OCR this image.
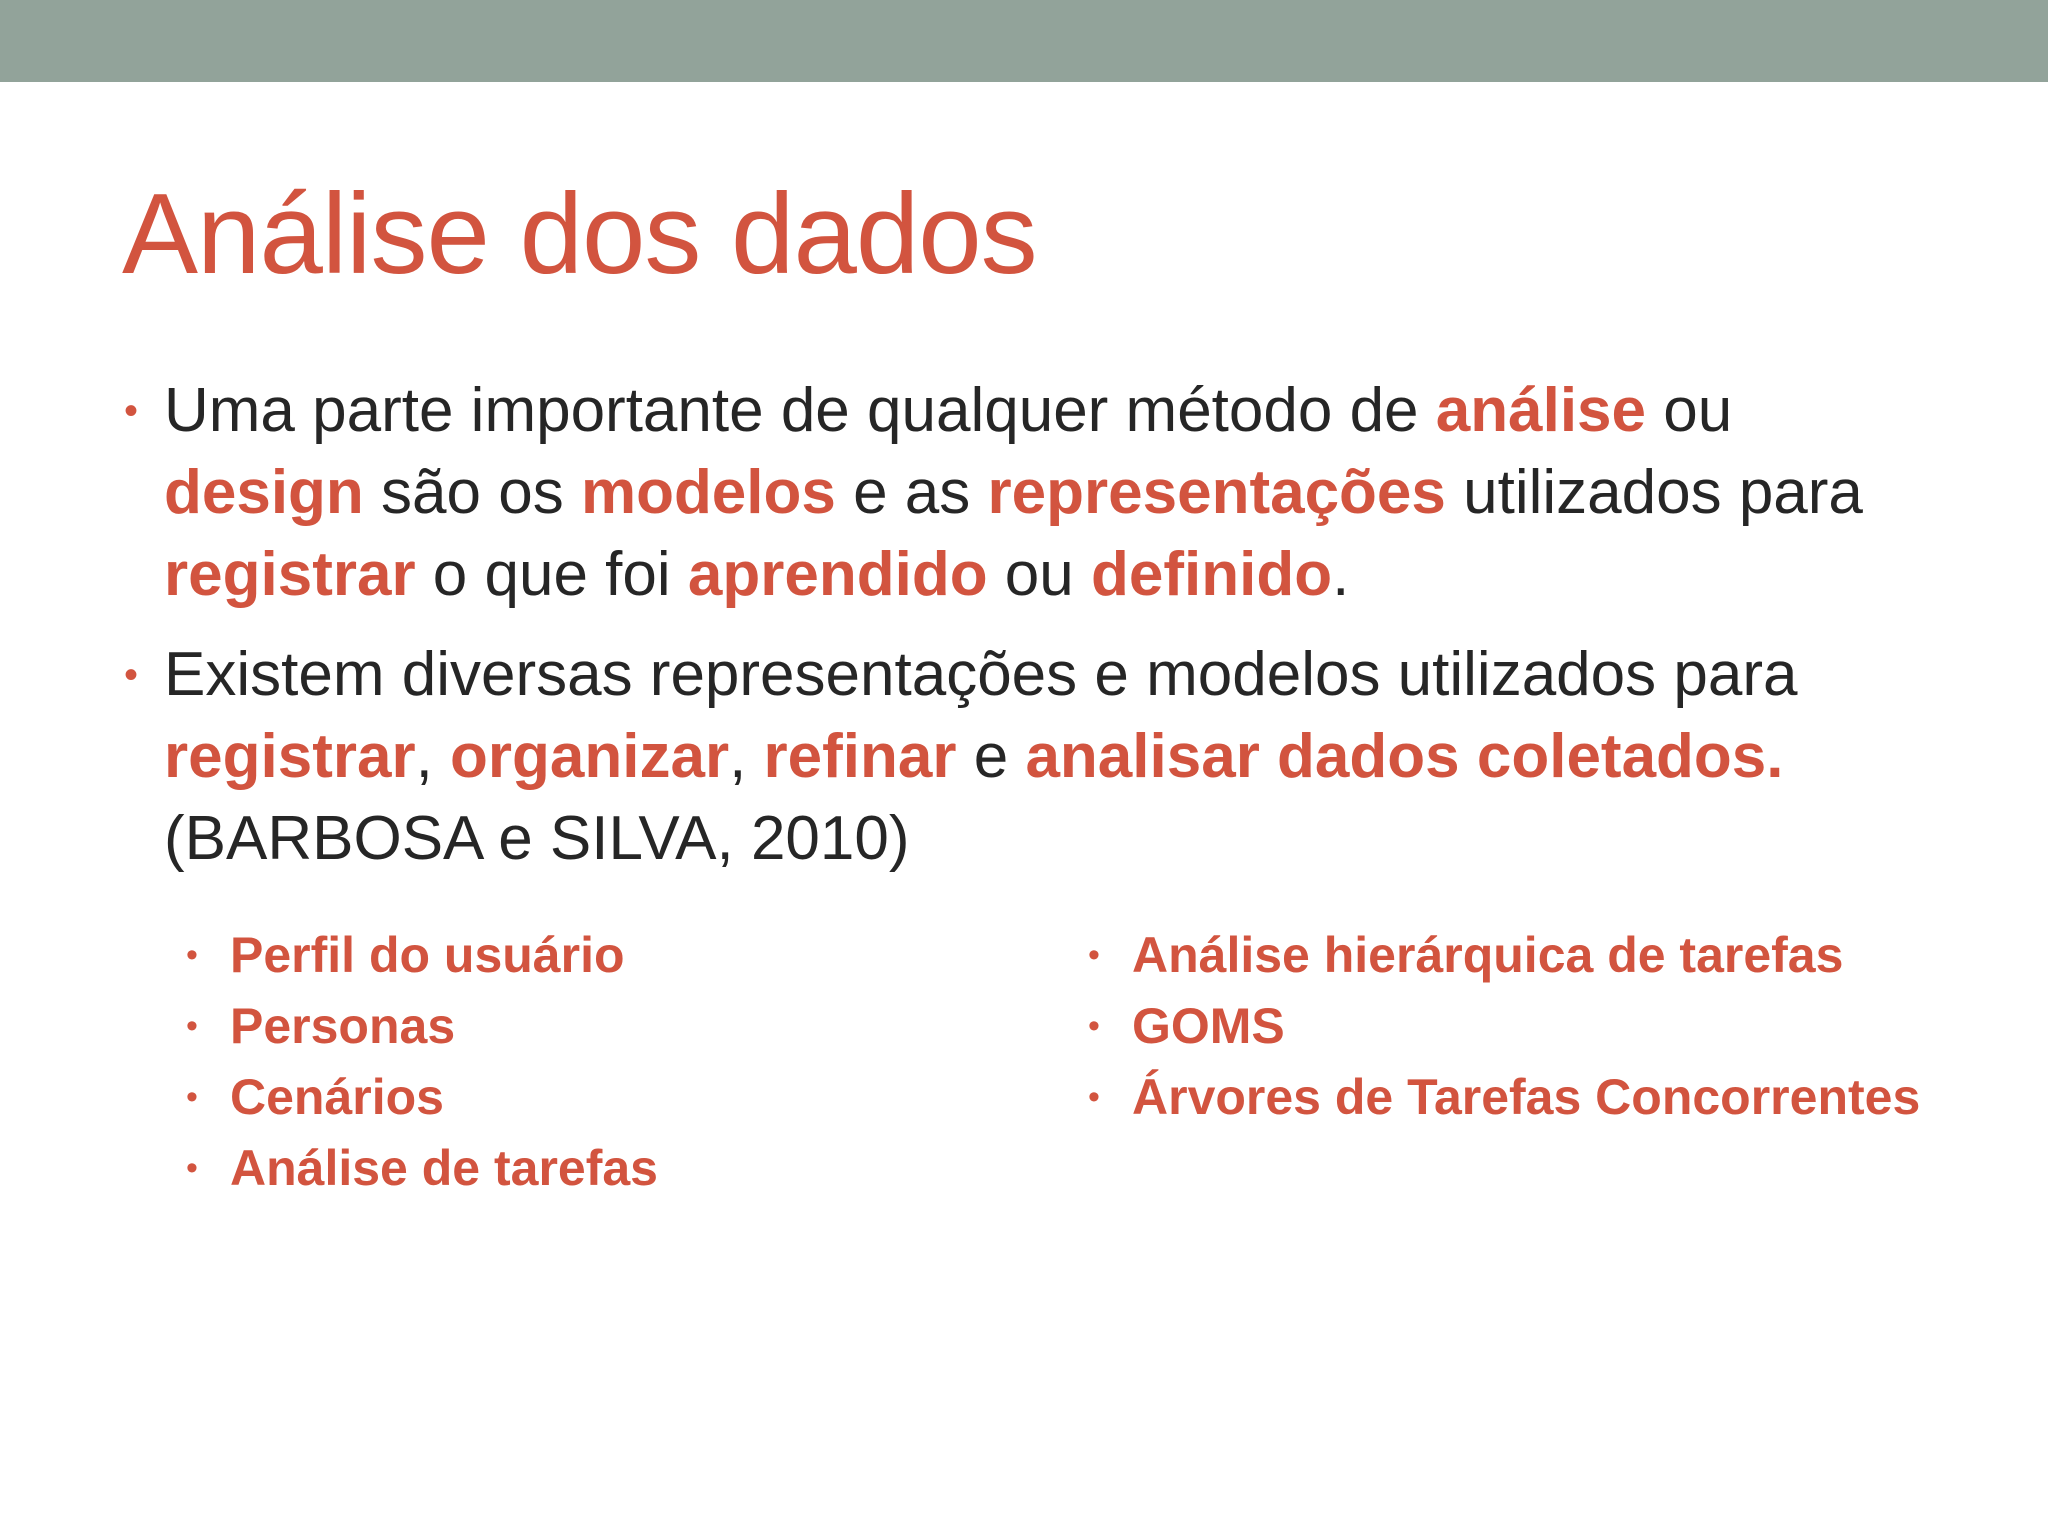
Análise dos dados
• Uma parte importante de qualquer método de análise ou design são os modelos e as representações utilizados para registrar o que foi aprendido ou definido.
• Existem diversas representações e modelos utilizados para registrar, organizar, refinar e analisar dados coletados. (BARBOSA e SILVA, 2010)
• Perfil do usuário
• Personas
• Cenários
• Análise de tarefas
• Análise hierárquica de tarefas
• GOMS
• Árvores de Tarefas Concorrentes
